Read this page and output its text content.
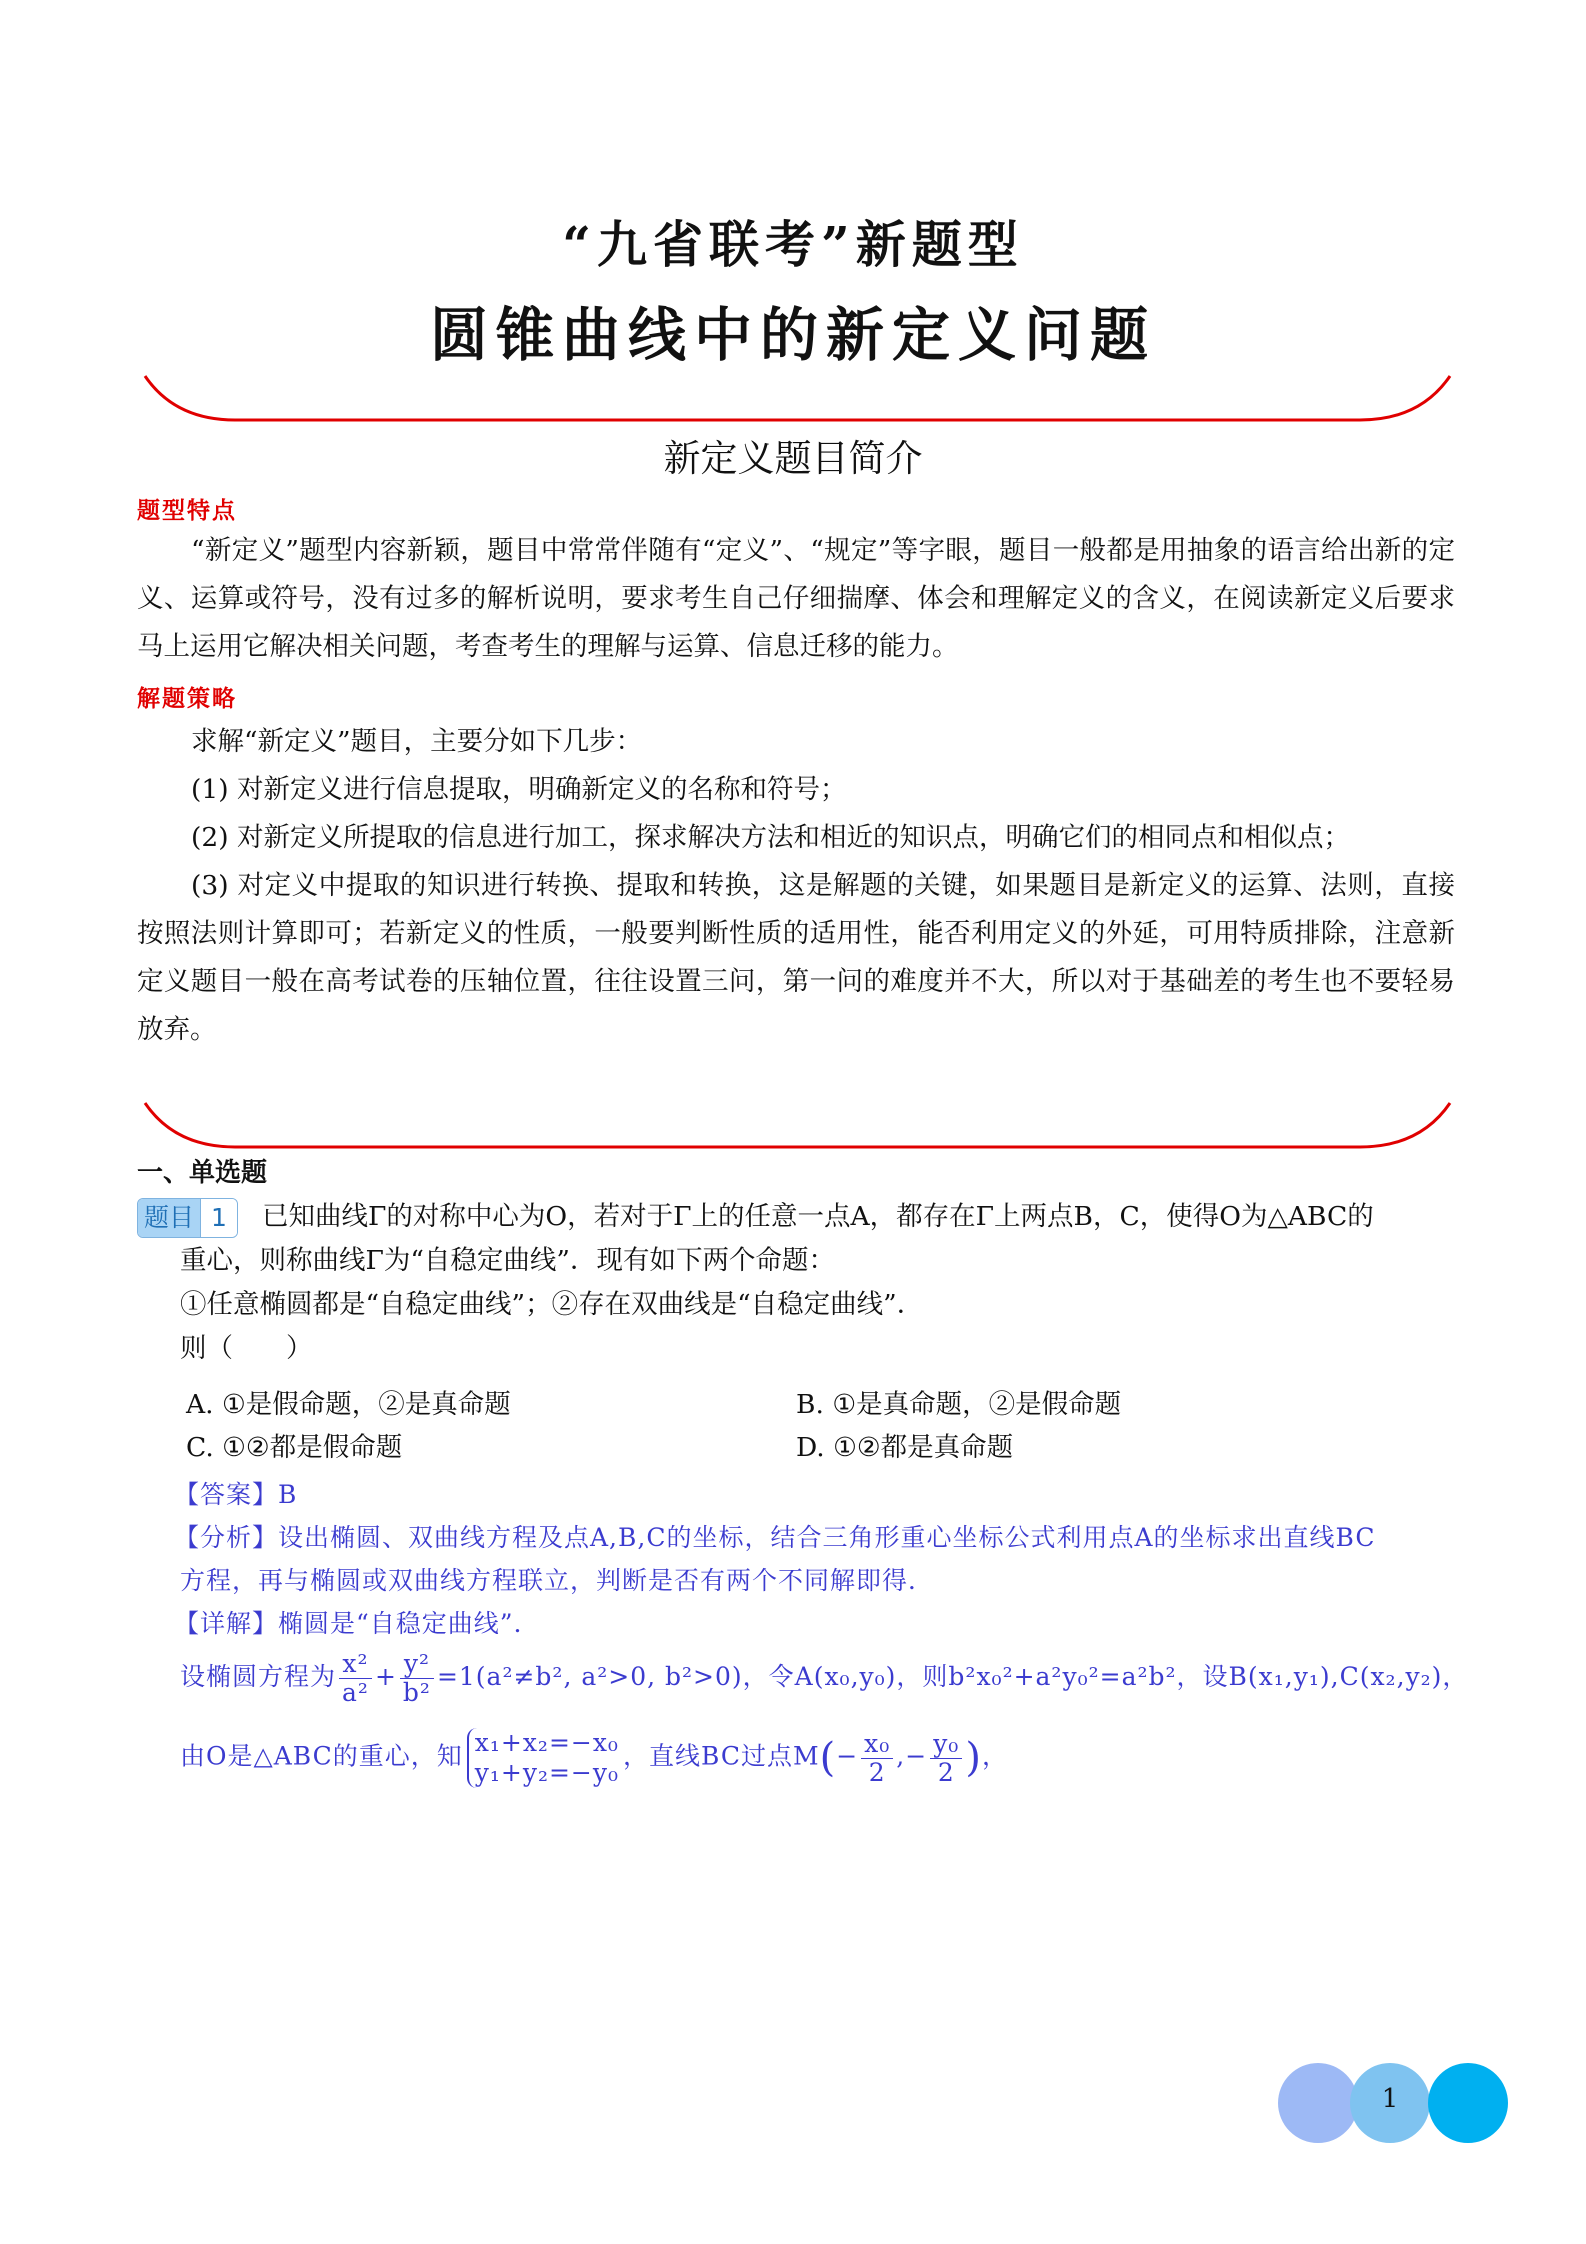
“九省联考”新题型
圆锥曲线中的新定义问题
新定义题目简介
题型特点
“新定义”题型内容新颖，题目中常常伴随有“定义”、“规定”等字眼，题目一般都是用抽象的语言给出新的定义、运算或符号，没有过多的解析说明，要求考生自己仔细揣摩、体会和理解定义的含义，在阅读新定义后要求马上运用它解决相关问题，考查考生的理解与运算、信息迁移的能力。
解题策略
求解“新定义”题目，主要分如下几步：
(1) 对新定义进行信息提取，明确新定义的名称和符号；
(2) 对新定义所提取的信息进行加工，探求解决方法和相近的知识点，明确它们的相同点和相似点；
(3) 对定义中提取的知识进行转换、提取和转换，这是解题的关键，如果题目是新定义的运算、法则，直接按照法则计算即可；若新定义的性质，一般要判断性质的适用性，能否利用定义的外延，可用特质排除，注意新定义题目一般在高考试卷的压轴位置，往往设置三问，第一问的难度并不大，所以对于基础差的考生也不要轻易放弃。
一、单选题
题目 1	已知曲线Γ的对称中心为O，若对于Γ上的任意一点A，都存在Γ上两点B，C，使得O为△ABC的
重心，则称曲线Γ为“自稳定曲线”．现有如下两个命题：
①任意椭圆都是“自稳定曲线”；②存在双曲线是“自稳定曲线”．
则（　　）
A. ①是假命题，②是真命题	B. ①是真命题，②是假命题
C. ①②都是假命题	D. ①②都是真命题
【答案】B
【分析】设出椭圆、双曲线方程及点A,B,C的坐标，结合三角形重心坐标公式利用点A的坐标求出直线BC
方程，再与椭圆或双曲线方程联立，判断是否有两个不同解即得．
【详解】椭圆是“自稳定曲线”．
设椭圆方程为 $\frac{\text{x²}}{\text{a²}} + \frac{\text{y²}}{\text{b²}} =1(a^2\ne b^2$, a²>0, b²>0)，令A(x₀,y₀)，则b²x₀²+a²y₀²=a²b²，设B(x₁,y₁),C(x₂,y₂)，
由O是△ABC的重心，知 x₁+x₂=−x₀
y₁+y₂=−y₀
，直线BC过点$M(- \frac{\text{x₀}}{2}$ ,− $\frac{\text{y₀}}{2}$ )，
1
